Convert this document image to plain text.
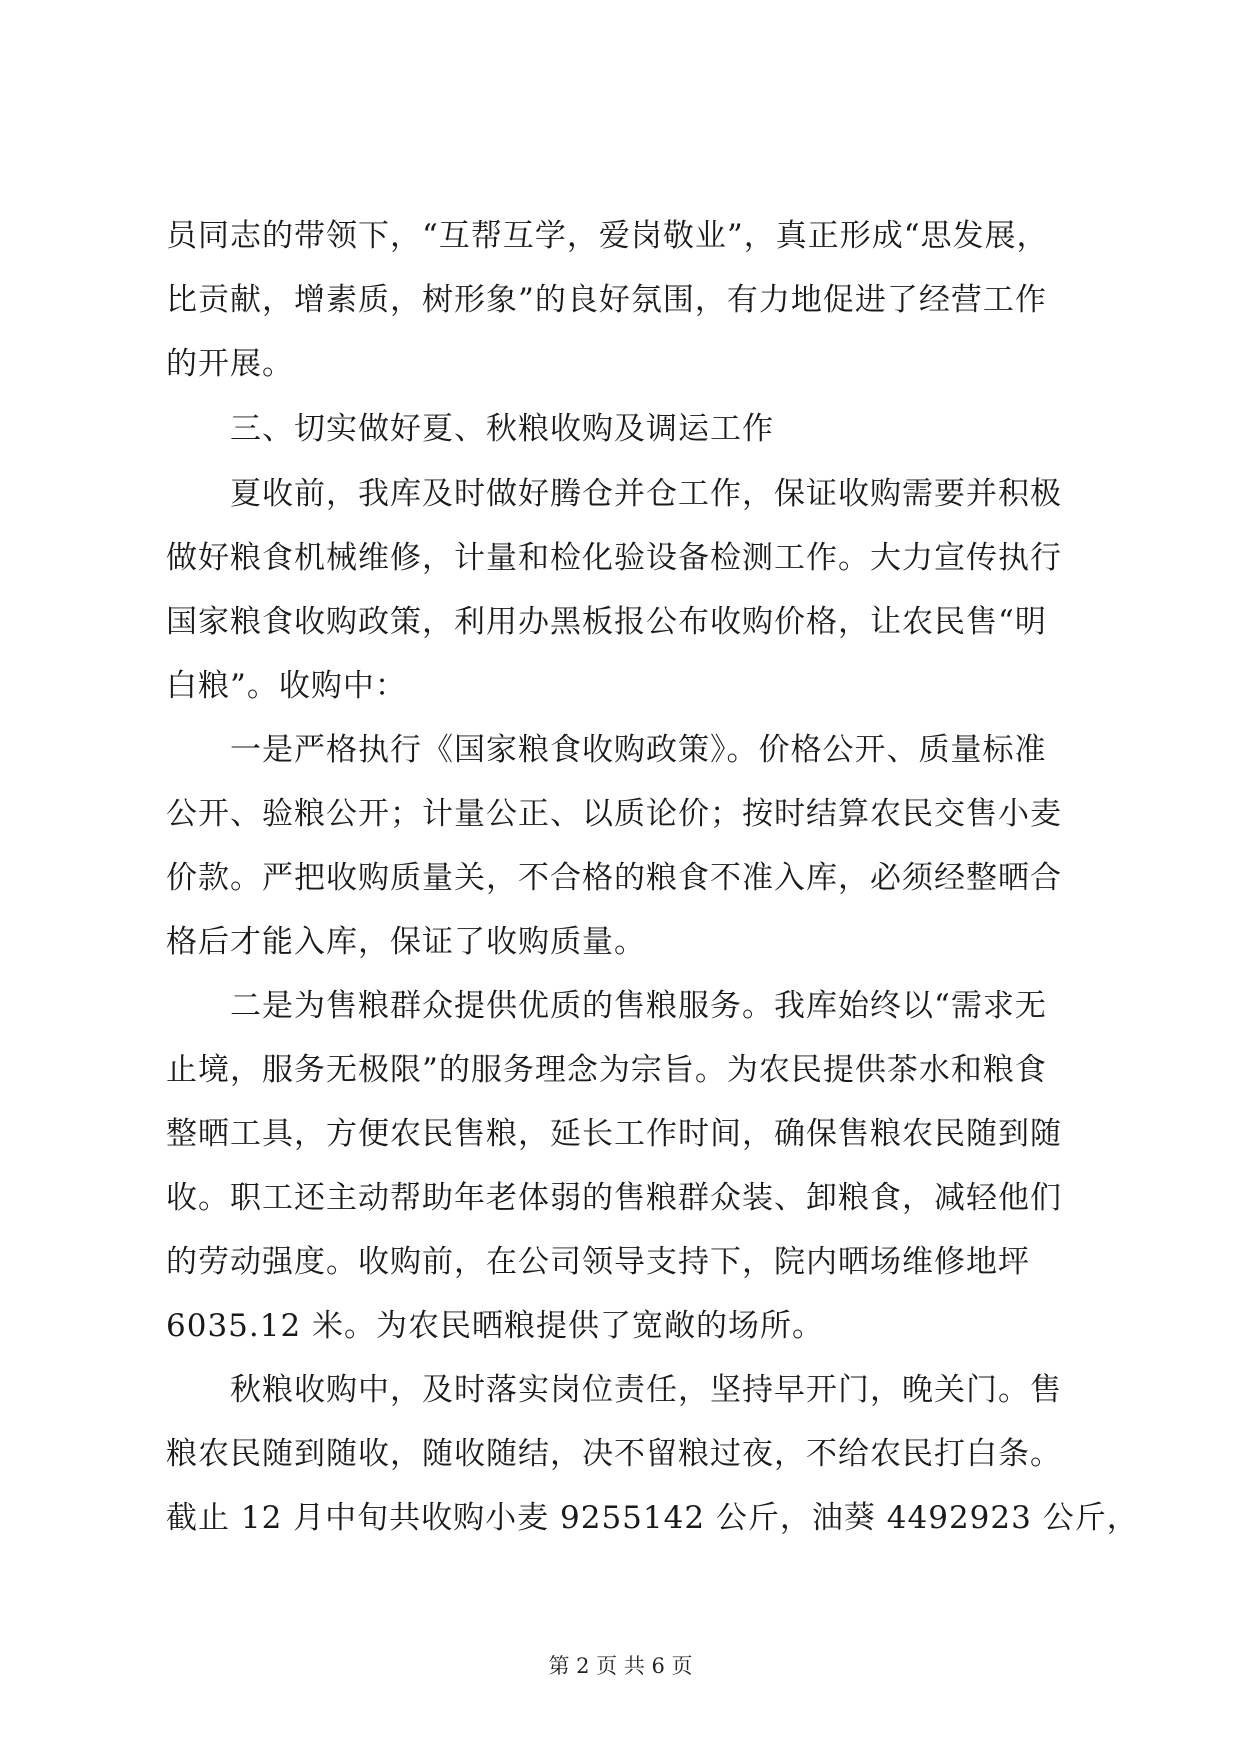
员同志的带领下，“互帮互学，爱岗敬业”，真正形成“思发展，
比贡献，增素质，树形象”的良好氛围，有力地促进了经营工作
的开展。
　　三、切实做好夏、秋粮收购及调运工作
　　夏收前，我库及时做好腾仓并仓工作，保证收购需要并积极
做好粮食机械维修，计量和检化验设备检测工作。大力宣传执行
国家粮食收购政策，利用办黑板报公布收购价格，让农民售“明
白粮”。收购中：
　　一是严格执行《国家粮食收购政策》。价格公开、质量标准
公开、验粮公开；计量公正、以质论价；按时结算农民交售小麦
价款。严把收购质量关，不合格的粮食不准入库，必须经整晒合
格后才能入库，保证了收购质量。
　　二是为售粮群众提供优质的售粮服务。我库始终以“需求无
止境，服务无极限”的服务理念为宗旨。为农民提供茶水和粮食
整晒工具，方便农民售粮，延长工作时间，确保售粮农民随到随
收。职工还主动帮助年老体弱的售粮群众装、卸粮食，减轻他们
的劳动强度。收购前，在公司领导支持下，院内晒场维修地坪
6035.12 米。为农民晒粮提供了宽敞的场所。
　　秋粮收购中，及时落实岗位责任，坚持早开门，晚关门。售
粮农民随到随收，随收随结，决不留粮过夜，不给农民打白条。
截止 12 月中旬共收购小麦 9255142 公斤，油葵 4492923 公斤，
第 2 页 共 6 页
